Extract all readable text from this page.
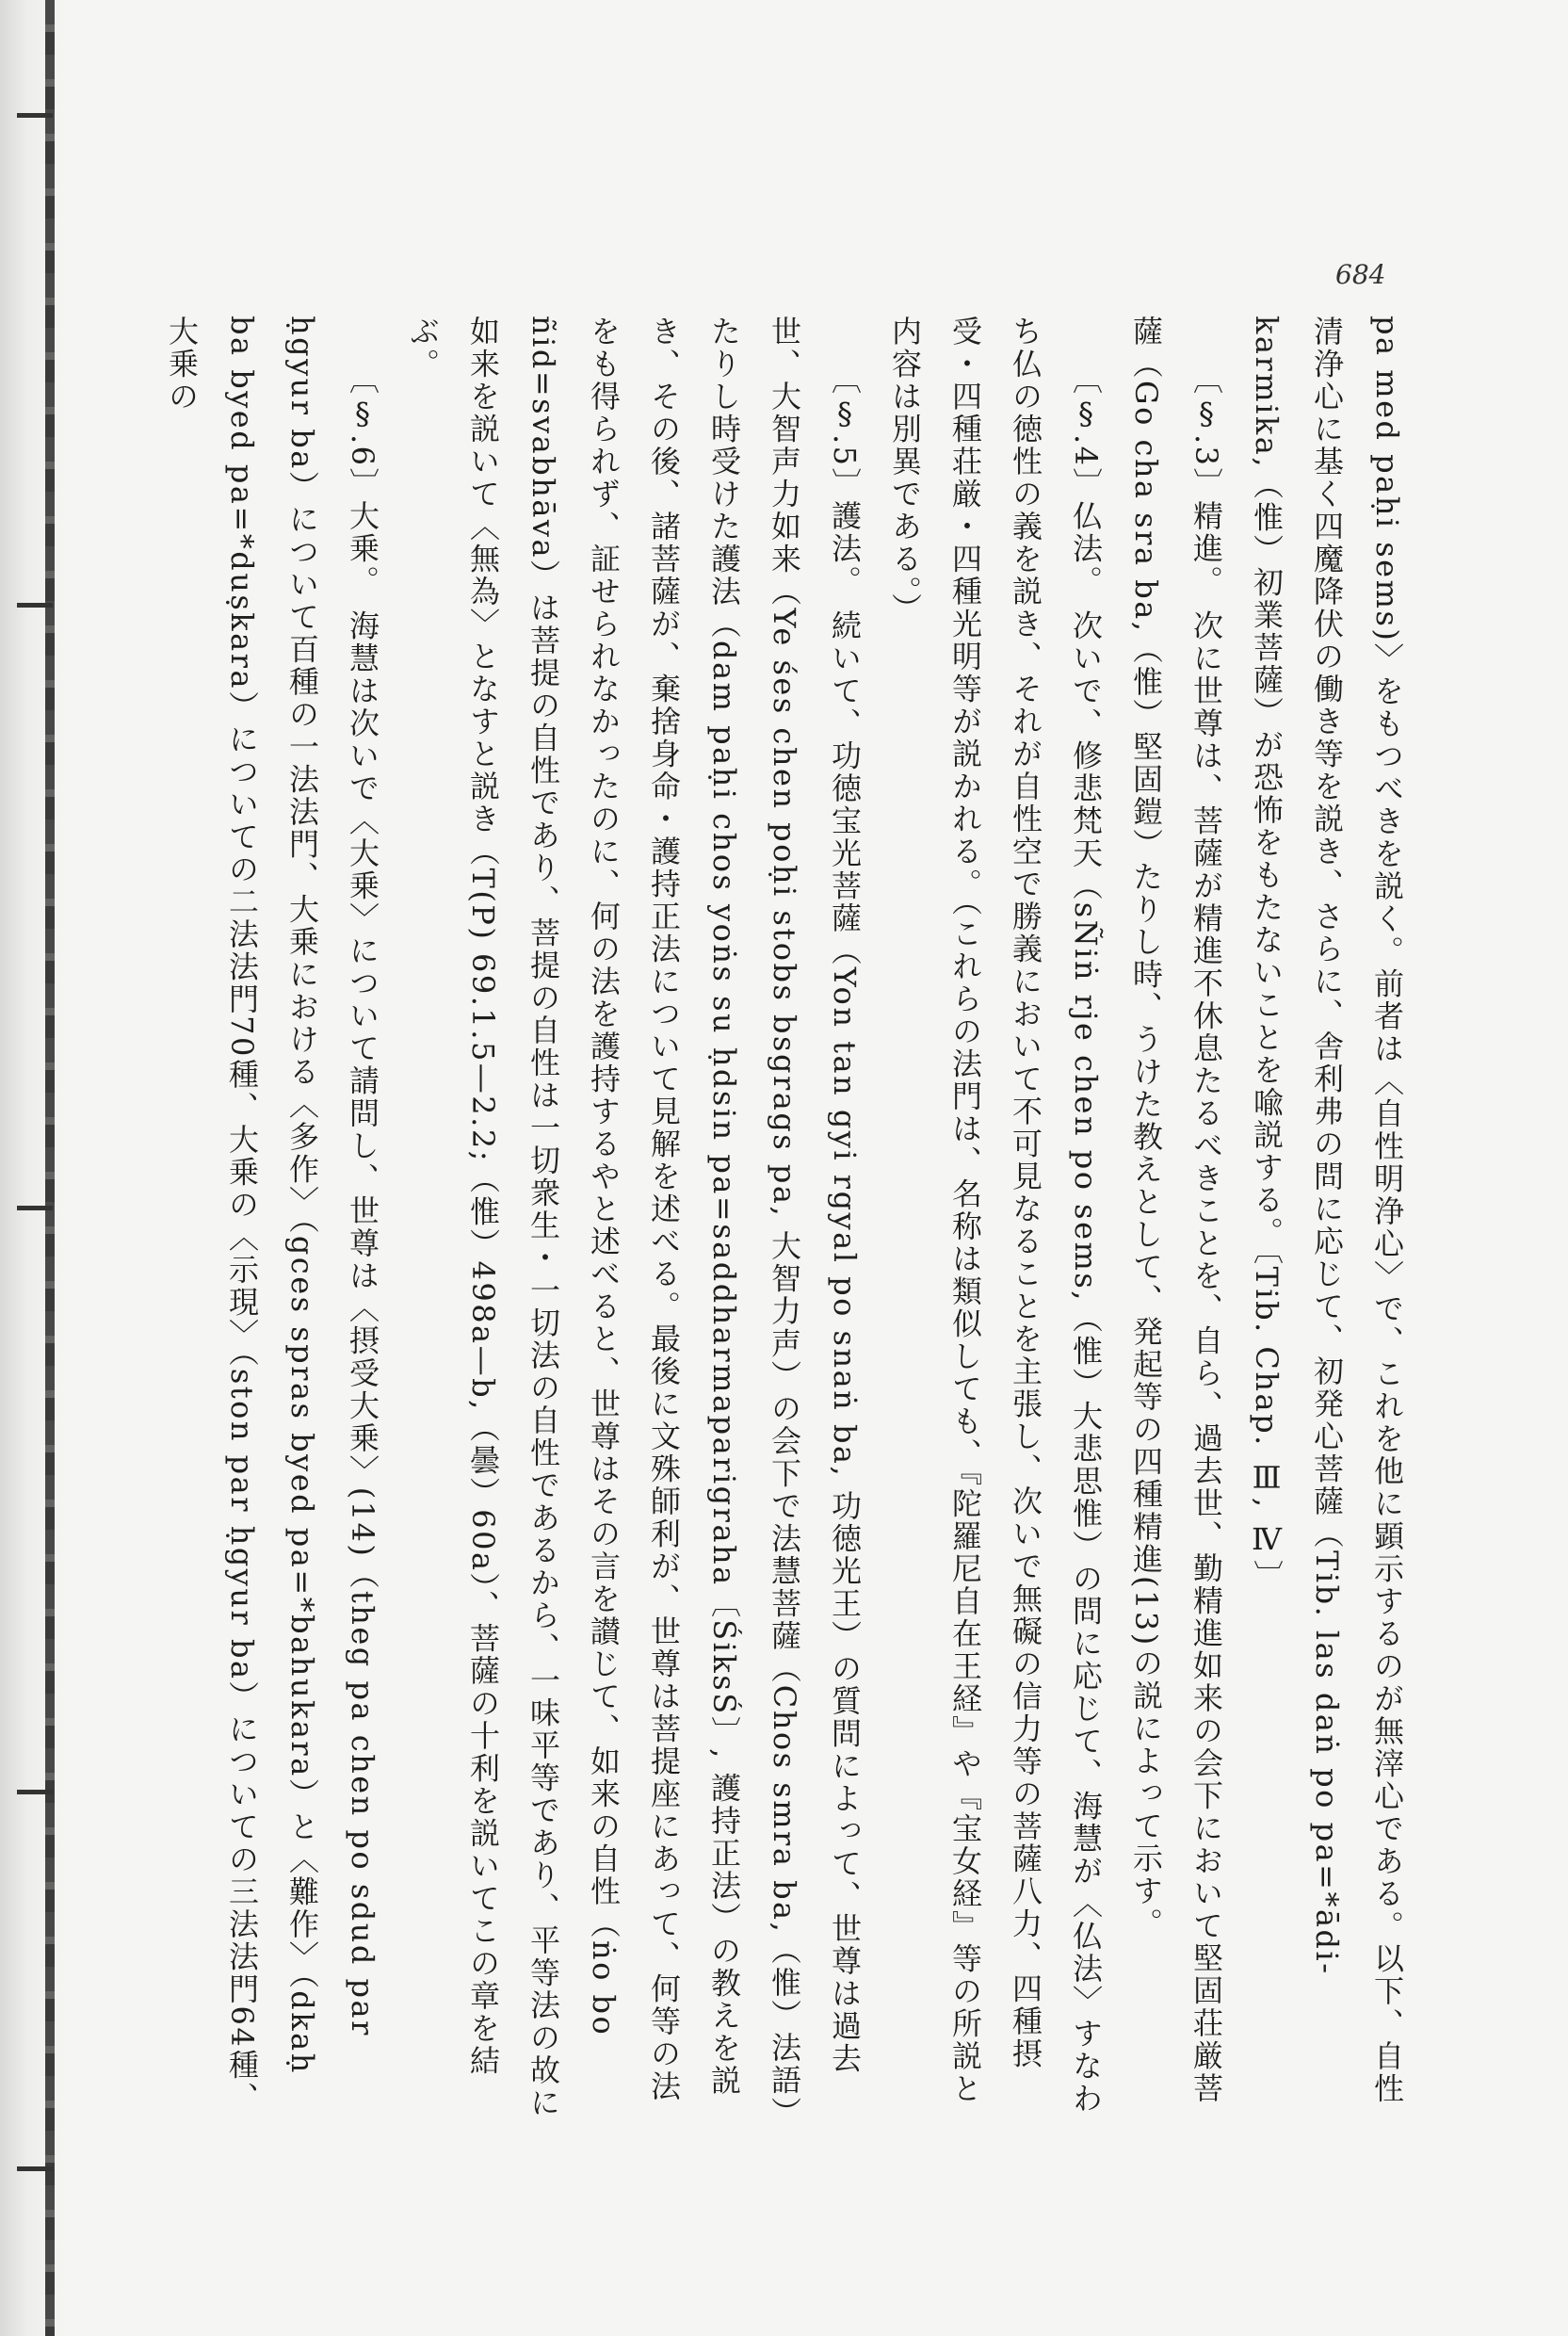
684

pa med paḥi sems)〉をもつべきを説く。前者は〈自性明浄心〉で、これを他に顕示するのが無滓心である。以下、自性清浄心に基く四魔降伏の働き等を説き、さらに、舎利弗の問に応じて、初発心菩薩（Tib. las daṅ po pa=*ādi-karmika,（惟）初業菩薩）が恐怖をもたないことを喩説する。〔Tib. Chap. Ⅲ, Ⅳ〕

〔§.3〕精進。 次に世尊は、菩薩が精進不休息たるべきことを、自ら、過去世、勤精進如来の会下において堅固荘厳菩薩（Go cha sra ba,（惟）堅固鎧）たりし時、うけた教えとして、発起等の四種精進(13)の説によって示す。

〔§.4〕仏法。 次いで、修悲梵天（sÑiṅ rje chen po sems,（惟）大悲思惟）の問に応じて、海慧が〈仏法〉すなわち仏の徳性の義を説き、それが自性空で勝義において不可見なることを主張し、次いで無礙の信力等の菩薩八力、四種摂受・四種荘厳・四種光明等が説かれる。（これらの法門は、名称は類似しても、『陀羅尼自在王経』や『宝女経』等の所説と内容は別異である。）

〔§.5〕護法。 続いて、功徳宝光菩薩（Yon tan gyi rgyal po snaṅ ba, 功徳光王）の質問によって、世尊は過去世、大智声力如来（Ye śes chen poḥi stobs bsgrags pa, 大智力声）の会下で法慧菩薩（Chos smra ba,（惟）法語）たりし時受けた護法（dam paḥi chos yoṅs su ḥdsin pa=saddharmaparigraha〔ŚiksŚ〕, 護持正法）の教えを説き、その後、諸菩薩が、棄捨身命・護持正法について見解を述べる。最後に文殊師利が、世尊は菩提座にあって、何等の法をも得られず、証せられなかったのに、何の法を護持するやと述べると、世尊はその言を讃じて、如来の自性（ṅo bo ñid=svabhāva）は菩提の自性であり、菩提の自性は一切衆生・一切法の自性であるから、一味平等であり、平等法の故に如来を説いて〈無為〉となすと説き（T(P) 69.1.5—2.2;（惟）498a—b,（曇）60a）、菩薩の十利を説いてこの章を結ぶ。

〔§.6〕大乗。 海慧は次いで〈大乗〉について請問し、世尊は〈摂受大乗〉(14)（theg pa chen po sdud par ḥgyur ba）について百種の一法法門、大乗における〈多作〉（gces spras byed pa=*bahukara）と〈難作〉（dkaḥ ba byed pa=*duṣkara）についての二法法門70種、大乗の〈示現〉（ston par ḥgyur ba）についての三法法門64種、大乗の
